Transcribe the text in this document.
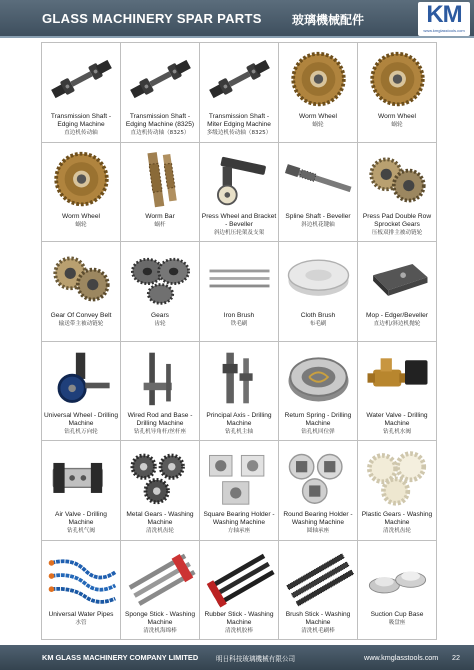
GLASS MACHINERY SPAR PARTS	玻璃機械配件	KM
www.kmglasstools.com
Transmission Shaft - Edging Machine
直边机传动轴
Transmission Shaft - Edging Machine (8325)
直边机传动轴（8325）
Transmission Shaft - Miter Edging Machine
多级边机传动轴（8325）
Worm Wheel
蜗轮
Worm Wheel
蜗轮
Worm Wheel
蜗轮
Worm Bar
蜗杆
Press Wheel and Bracket - Beveller
斜边机压轮架及支架
Spline Shaft - Beveller
斜边机花键轴
Press Pad Double Row Sprocket Gears
压板双排主被动链轮
Gear Of Convey Belt
输送带主被动链轮
Gears
齿轮
Iron Brush
铁毛刷
Cloth Brush
布毛刷
Mop - Edger/Beveller
直边机/斜边机抛轮
Universal Wheel - Drilling Machine
钻孔机万向轮
Wired Rod and Base - Drilling Machine
钻孔机导角杆/丝杆座
Principal Axis - Drilling Machine
钻孔机主轴
Return Spring - Drilling Machine
钻孔机回位弹
Water Valve - Drilling Machine
钻孔机水阀
Air Valve - Drilling Machine
钻孔机气阀
Metal Gears - Washing Machine
清洗机齿轮
Square Bearing Holder - Washing Machine
方轴承座
Round Bearing Holder - Washing Machine
圆轴承座
Plastic Gears - Washing Machine
清洗机齿轮
Universal Water Pipes
水管
Sponge Stick - Washing Machine
清洗机海绵棒
Rubber Stick - Washing Machine
清洗机胶棒
Brush Stick - Washing Machine
清洗机毛刷棒
Suction Cup Base
吸盘座
KM GLASS MACHINERY COMPANY LIMITED	明日科技玻璃機械有限公司	www.kmglasstools.com 22
